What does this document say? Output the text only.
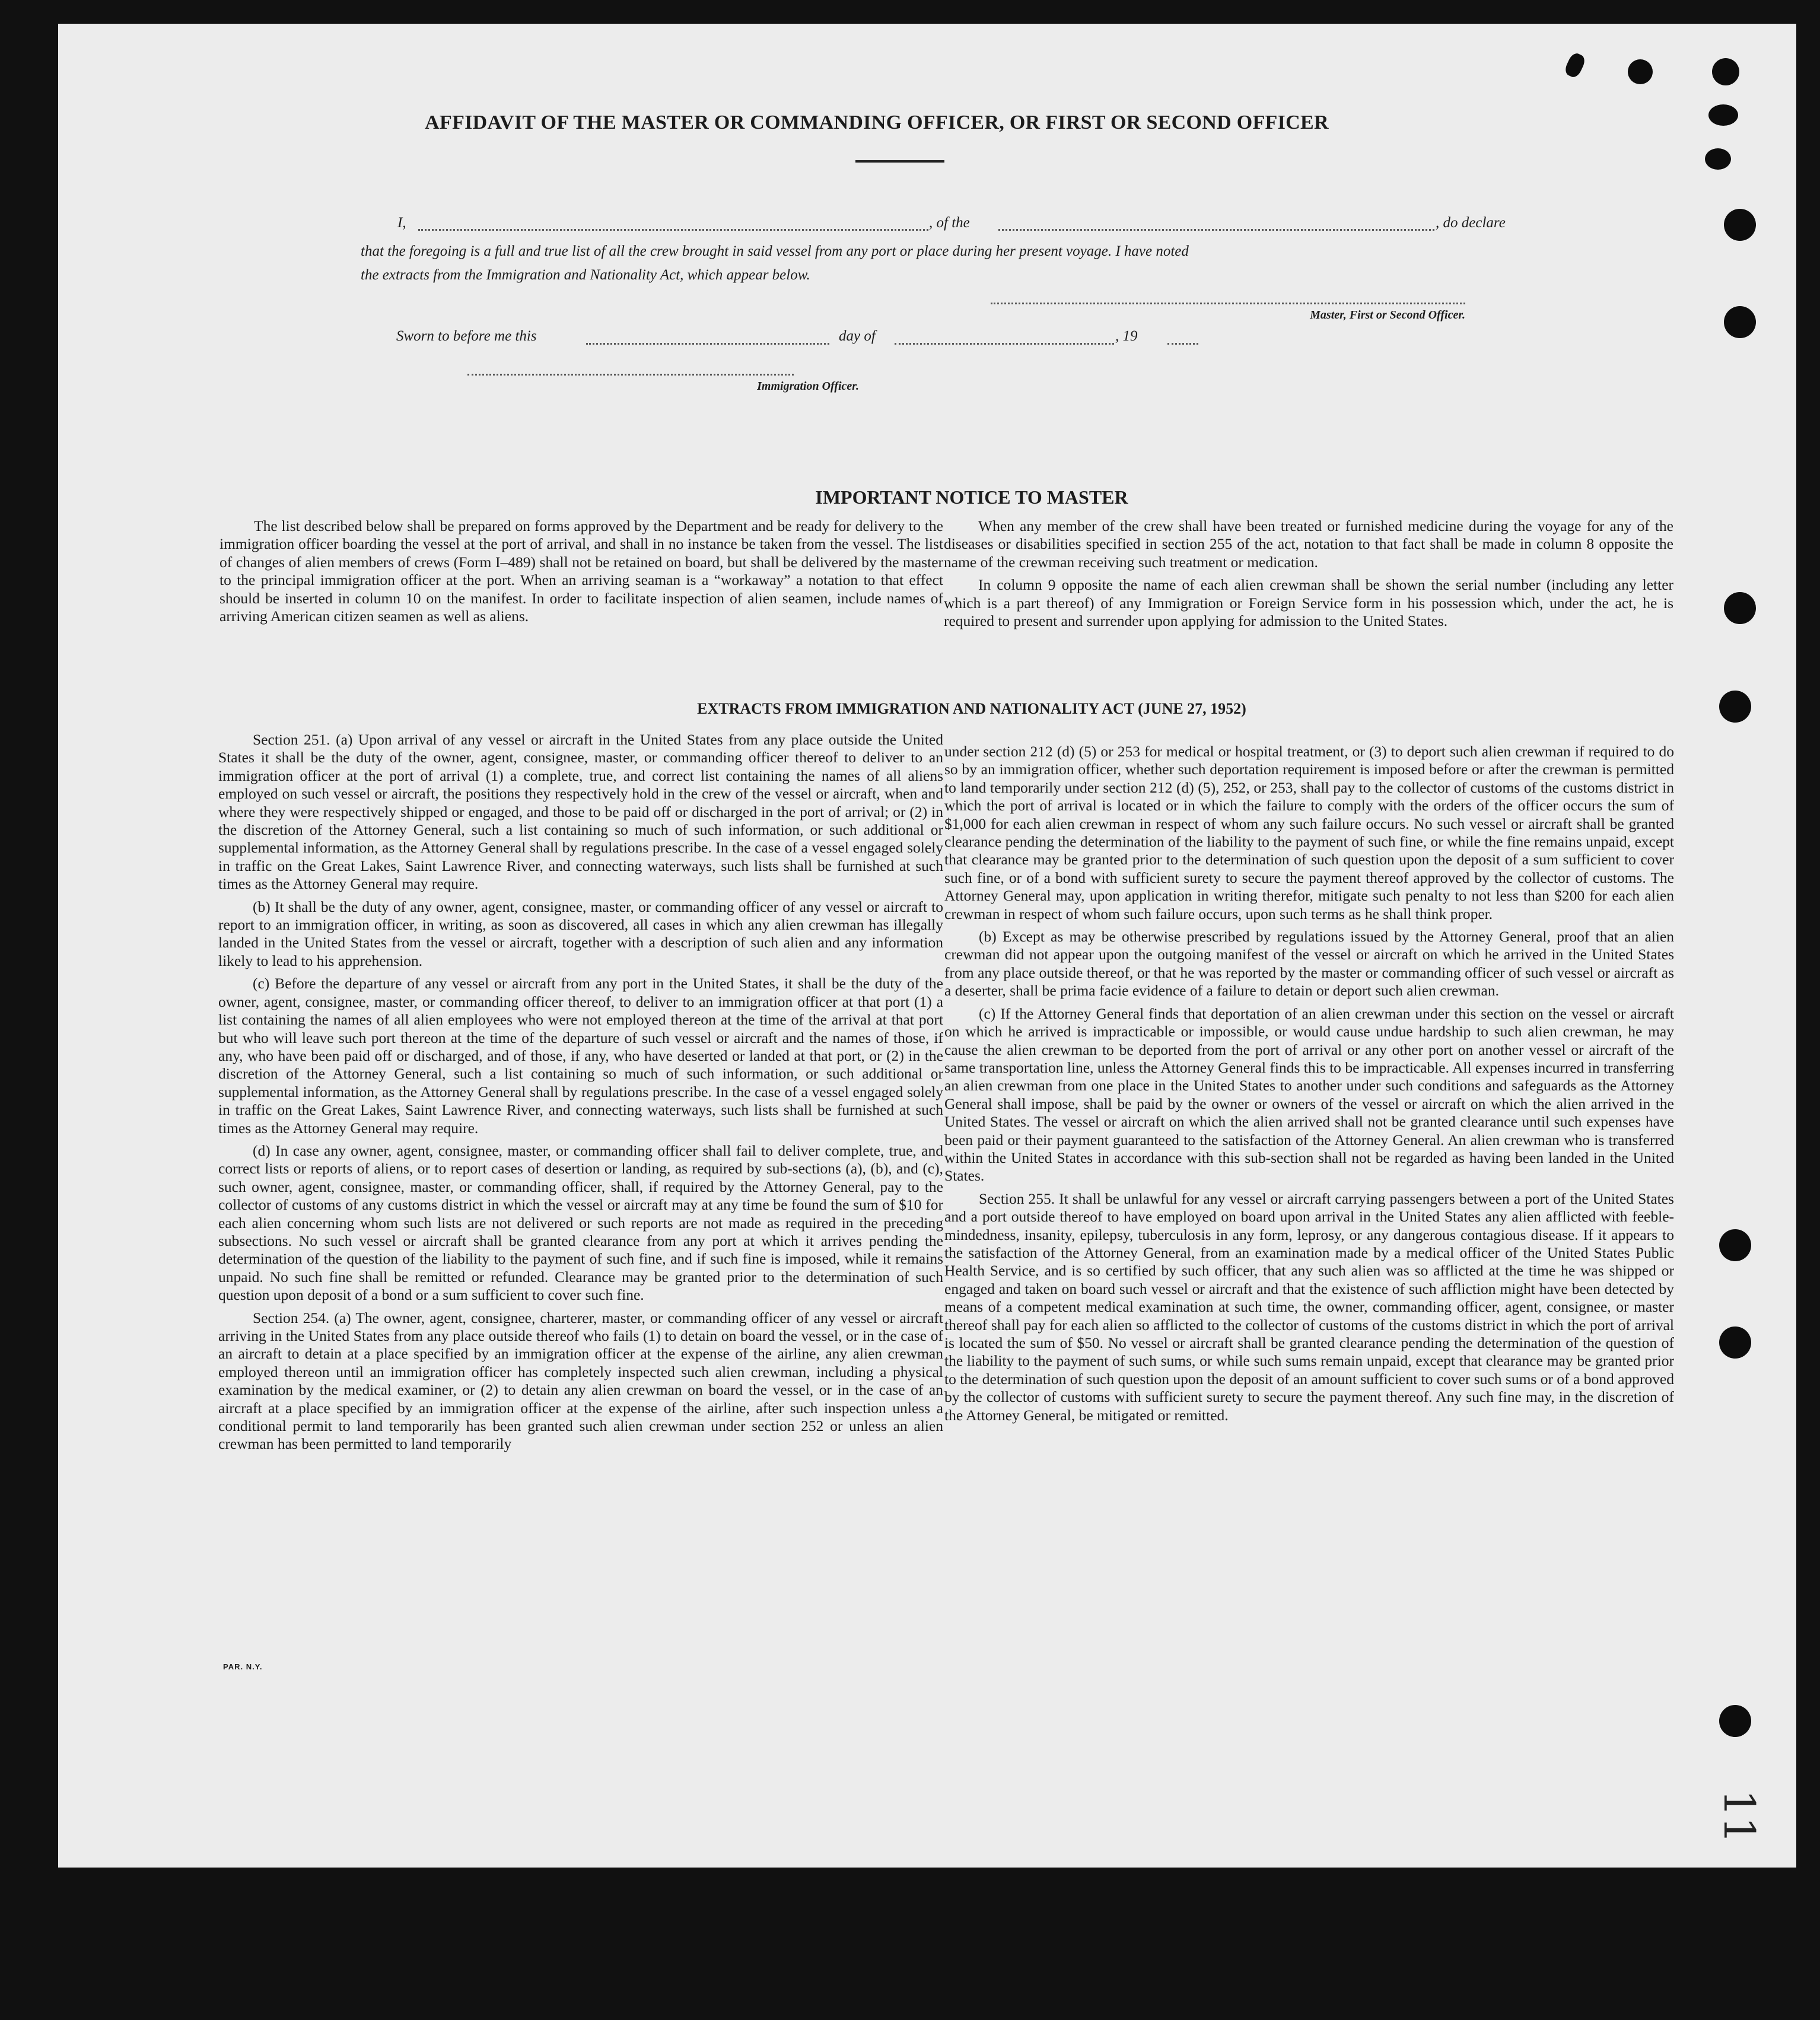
AFFIDAVIT OF THE MASTER OR COMMANDING OFFICER, OR FIRST OR SECOND OFFICER
I,	, of the	, do declare
that the foregoing is a full and true list of all the crew brought in said vessel from any port or place during her present voyage. I have noted
the extracts from the Immigration and Nationality Act, which appear below.
Master, First or Second Officer.
Sworn to before me this	day of	, 19
Immigration Officer.
IMPORTANT NOTICE TO MASTER

The list described below shall be prepared on forms approved by the Department and be ready for delivery to the immigration officer boarding the vessel at the port of arrival, and shall in no instance be taken from the vessel. The list of changes of alien members of crews (Form I–489) shall not be retained on board, but shall be delivered by the master to the principal immigration officer at the port. When an arriving seaman is a “workaway” a notation to that effect should be inserted in column 10 on the manifest. In order to facilitate inspection of alien seamen, include names of arriving American citizen seamen as well as aliens.

When any member of the crew shall have been treated or furnished medicine during the voyage for any of the diseases or disabilities specified in section 255 of the act, notation to that fact shall be made in column 8 opposite the name of the crewman receiving such treatment or medication.

In column 9 opposite the name of each alien crewman shall be shown the serial number (including any letter which is a part thereof) of any Immigration or Foreign Service form in his possession which, under the act, he is required to present and surrender upon applying for admission to the United States.

EXTRACTS FROM IMMIGRATION AND NATIONALITY ACT (JUNE 27, 1952)

Section 251. (a) Upon arrival of any vessel or aircraft in the United States from any place outside the United States it shall be the duty of the owner, agent, consignee, master, or commanding officer thereof to deliver to an immigration officer at the port of arrival (1) a complete, true, and correct list containing the names of all aliens employed on such vessel or aircraft, the positions they respectively hold in the crew of the vessel or aircraft, when and where they were respectively shipped or engaged, and those to be paid off or discharged in the port of arrival; or (2) in the discretion of the Attorney General, such a list containing so much of such information, or such additional or supplemental information, as the Attorney General shall by regulations prescribe. In the case of a vessel engaged solely in traffic on the Great Lakes, Saint Lawrence River, and connecting waterways, such lists shall be furnished at such times as the Attorney General may require.

(b) It shall be the duty of any owner, agent, consignee, master, or commanding officer of any vessel or aircraft to report to an immigration officer, in writing, as soon as discovered, all cases in which any alien crewman has illegally landed in the United States from the vessel or aircraft, together with a description of such alien and any information likely to lead to his apprehension.

(c) Before the departure of any vessel or aircraft from any port in the United States, it shall be the duty of the owner, agent, consignee, master, or commanding officer thereof, to deliver to an immigration officer at that port (1) a list containing the names of all alien employees who were not employed thereon at the time of the arrival at that port but who will leave such port thereon at the time of the departure of such vessel or aircraft and the names of those, if any, who have been paid off or discharged, and of those, if any, who have deserted or landed at that port, or (2) in the discretion of the Attorney General, such a list containing so much of such information, or such additional or supplemental information, as the Attorney General shall by regulations prescribe. In the case of a vessel engaged solely in traffic on the Great Lakes, Saint Lawrence River, and connecting waterways, such lists shall be furnished at such times as the Attorney General may require.

(d) In case any owner, agent, consignee, master, or commanding officer shall fail to deliver complete, true, and correct lists or reports of aliens, or to report cases of desertion or landing, as required by sub-sections (a), (b), and (c), such owner, agent, consignee, master, or commanding officer, shall, if required by the Attorney General, pay to the collector of customs of any customs district in which the vessel or aircraft may at any time be found the sum of $10 for each alien concerning whom such lists are not delivered or such reports are not made as required in the preceding subsections. No such vessel or aircraft shall be granted clearance from any port at which it arrives pending the determination of the question of the liability to the payment of such fine, and if such fine is imposed, while it remains unpaid. No such fine shall be remitted or refunded. Clearance may be granted prior to the determination of such question upon deposit of a bond or a sum sufficient to cover such fine.

Section 254. (a) The owner, agent, consignee, charterer, master, or commanding officer of any vessel or aircraft arriving in the United States from any place outside thereof who fails (1) to detain on board the vessel, or in the case of an aircraft to detain at a place specified by an immigration officer at the expense of the airline, any alien crewman employed thereon until an immigration officer has completely inspected such alien crewman, including a physical examination by the medical examiner, or (2) to detain any alien crewman on board the vessel, or in the case of an aircraft at a place specified by an immigration officer at the expense of the airline, after such inspection unless a conditional permit to land temporarily has been granted such alien crewman under section 252 or unless an alien crewman has been permitted to land temporarily

under section 212 (d) (5) or 253 for medical or hospital treatment, or (3) to deport such alien crewman if required to do so by an immigration officer, whether such deportation requirement is imposed before or after the crewman is permitted to land temporarily under section 212 (d) (5), 252, or 253, shall pay to the collector of customs of the customs district in which the port of arrival is located or in which the failure to comply with the orders of the officer occurs the sum of $1,000 for each alien crewman in respect of whom any such failure occurs. No such vessel or aircraft shall be granted clearance pending the determination of the liability to the payment of such fine, or while the fine remains unpaid, except that clearance may be granted prior to the determination of such question upon the deposit of a sum sufficient to cover such fine, or of a bond with sufficient surety to secure the payment thereof approved by the collector of customs. The Attorney General may, upon application in writing therefor, mitigate such penalty to not less than $200 for each alien crewman in respect of whom such failure occurs, upon such terms as he shall think proper.

(b) Except as may be otherwise prescribed by regulations issued by the Attorney General, proof that an alien crewman did not appear upon the outgoing manifest of the vessel or aircraft on which he arrived in the United States from any place outside thereof, or that he was reported by the master or commanding officer of such vessel or aircraft as a deserter, shall be prima facie evidence of a failure to detain or deport such alien crewman.

(c) If the Attorney General finds that deportation of an alien crewman under this section on the vessel or aircraft on which he arrived is impracticable or impossible, or would cause undue hardship to such alien crewman, he may cause the alien crewman to be deported from the port of arrival or any other port on another vessel or aircraft of the same transportation line, unless the Attorney General finds this to be impracticable. All expenses incurred in transferring an alien crewman from one place in the United States to another under such conditions and safeguards as the Attorney General shall impose, shall be paid by the owner or owners of the vessel or aircraft on which the alien arrived in the United States. The vessel or aircraft on which the alien arrived shall not be granted clearance until such expenses have been paid or their payment guaranteed to the satisfaction of the Attorney General. An alien crewman who is transferred within the United States in accordance with this sub-section shall not be regarded as having been landed in the United States.

Section 255. It shall be unlawful for any vessel or aircraft carrying passengers between a port of the United States and a port outside thereof to have employed on board upon arrival in the United States any alien afflicted with feeble-mindedness, insanity, epilepsy, tuberculosis in any form, leprosy, or any dangerous contagious disease. If it appears to the satisfaction of the Attorney General, from an examination made by a medical officer of the United States Public Health Service, and is so certified by such officer, that any such alien was so afflicted at the time he was shipped or engaged and taken on board such vessel or aircraft and that the existence of such affliction might have been detected by means of a competent medical examination at such time, the owner, commanding officer, agent, consignee, or master thereof shall pay for each alien so afflicted to the collector of customs of the customs district in which the port of arrival is located the sum of $50. No vessel or aircraft shall be granted clearance pending the determination of the question of the liability to the payment of such sums, or while such sums remain unpaid, except that clearance may be granted prior to the determination of such question upon the deposit of an amount sufficient to cover such sums or of a bond approved by the collector of customs with sufficient surety to secure the payment thereof. Any such fine may, in the discretion of the Attorney General, be mitigated or remitted.

PAR. N.Y.
11
